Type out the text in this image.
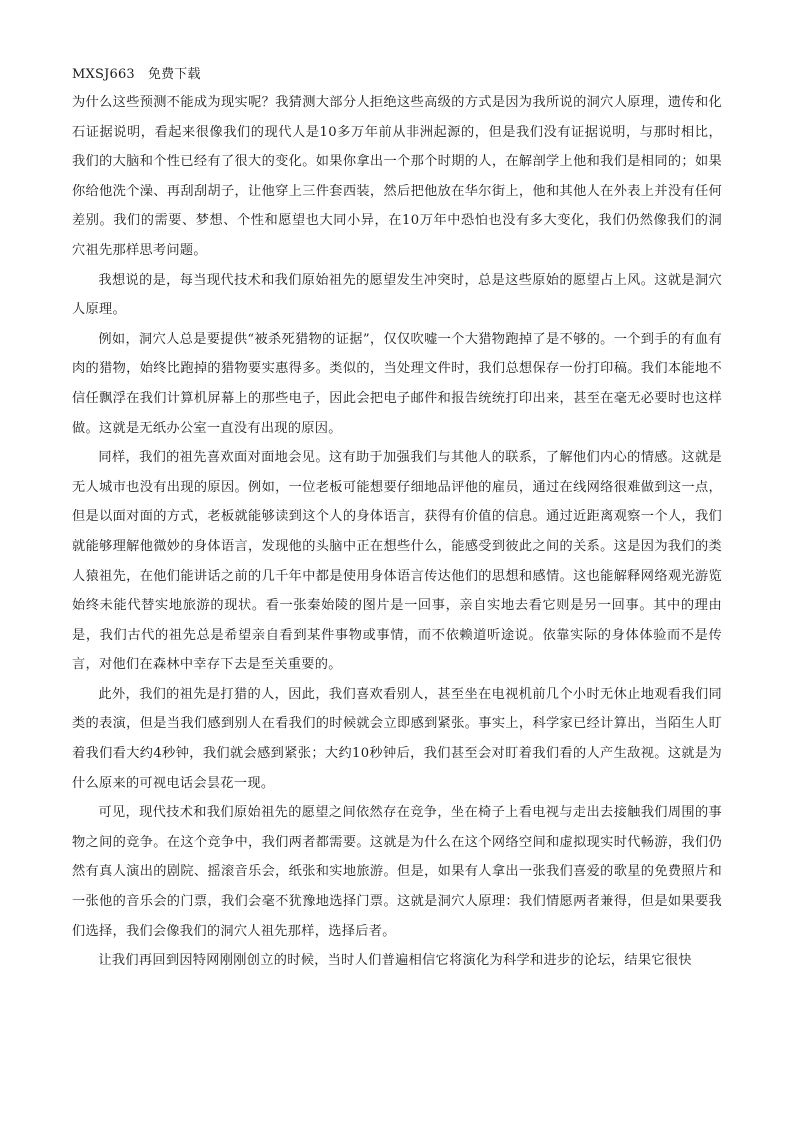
MXSJ663 免费下载

为什么这些预测不能成为现实呢？我猜测大部分人拒绝这些高级的方式是因为我所说的洞穴人原理，遗传和化石证据说明，看起来很像我们的现代人是10多万年前从非洲起源的，但是我们没有证据说明，与那时相比，我们的大脑和个性已经有了很大的变化。如果你拿出一个那个时期的人，在解剖学上他和我们是相同的；如果你给他洗个澡、再刮刮胡子，让他穿上三件套西装，然后把他放在华尔街上，他和其他人在外表上并没有任何差别。我们的需要、梦想、个性和愿望也大同小异，在10万年中恐怕也没有多大变化，我们仍然像我们的洞穴祖先那样思考问题。

我想说的是，每当现代技术和我们原始祖先的愿望发生冲突时，总是这些原始的愿望占上风。这就是洞穴人原理。

例如，洞穴人总是要提供“被杀死猎物的证据”，仅仅吹嘘一个大猎物跑掉了是不够的。一个到手的有血有肉的猎物，始终比跑掉的猎物要实惠得多。类似的，当处理文件时，我们总想保存一份打印稿。我们本能地不信任飘浮在我们计算机屏幕上的那些电子，因此会把电子邮件和报告统统打印出来，甚至在毫无必要时也这样做。这就是无纸办公室一直没有出现的原因。

同样，我们的祖先喜欢面对面地会见。这有助于加强我们与其他人的联系，了解他们内心的情感。这就是无人城市也没有出现的原因。例如，一位老板可能想要仔细地品评他的雇员，通过在线网络很难做到这一点，但是以面对面的方式，老板就能够读到这个人的身体语言，获得有价值的信息。通过近距离观察一个人，我们就能够理解他微妙的身体语言，发现他的头脑中正在想些什么，能感受到彼此之间的关系。这是因为我们的类人猿祖先，在他们能讲话之前的几千年中都是使用身体语言传达他们的思想和感情。这也能解释网络观光游览始终未能代替实地旅游的现状。看一张秦始陵的图片是一回事，亲自实地去看它则是另一回事。其中的理由是，我们古代的祖先总是希望亲自看到某件事物或事情，而不依赖道听途说。依靠实际的身体体验而不是传言，对他们在森林中幸存下去是至关重要的。

此外，我们的祖先是打猎的人，因此，我们喜欢看别人，甚至坐在电视机前几个小时无休止地观看我们同类的表演，但是当我们感到别人在看我们的时候就会立即感到紧张。事实上，科学家已经计算出，当陌生人盯着我们看大约4秒钟，我们就会感到紧张；大约10秒钟后，我们甚至会对盯着我们看的人产生敌视。这就是为什么原来的可视电话会昙花一现。

可见，现代技术和我们原始祖先的愿望之间依然存在竞争，坐在椅子上看电视与走出去接触我们周围的事物之间的竞争。在这个竞争中，我们两者都需要。这就是为什么在这个网络空间和虚拟现实时代畅游，我们仍然有真人演出的剧院、摇滚音乐会，纸张和实地旅游。但是，如果有人拿出一张我们喜爱的歌星的免费照片和一张他的音乐会的门票，我们会毫不犹豫地选择门票。这就是洞穴人原理：我们情愿两者兼得，但是如果要我们选择，我们会像我们的洞穴人祖先那样，选择后者。

让我们再回到因特网刚刚创立的时候，当时人们普遍相信它将演化为科学和进步的论坛，结果它很快
